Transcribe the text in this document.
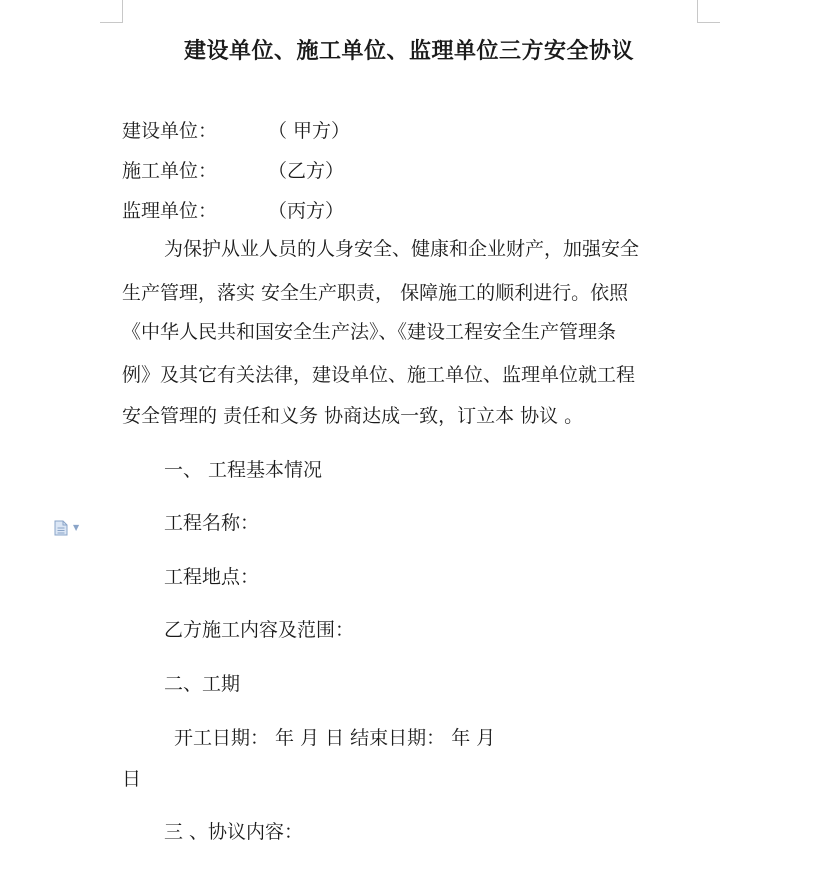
建设单位、施工单位、监理单位三方安全协议
建设单位：	（ 甲方）
施工单位：	（乙方）
监理单位：	（丙方）
为保护从业人员的人身安全、健康和企业财产，加强安全
生产管理，落实 安全生产职责， 保障施工的顺利进行。依照
《中华人民共和国安全生产法》、《建设工程安全生产管理条
例》及其它有关法律，建设单位、施工单位、监理单位就工程
安全管理的 责任和义务 协商达成一致，订立本 协议 。
一、 工程基本情况
工程名称：
工程地点：
乙方施工内容及范围：
二、工期
开工日期： 年 月 日 结束日期： 年 月
日
三 、协议内容：
▼
